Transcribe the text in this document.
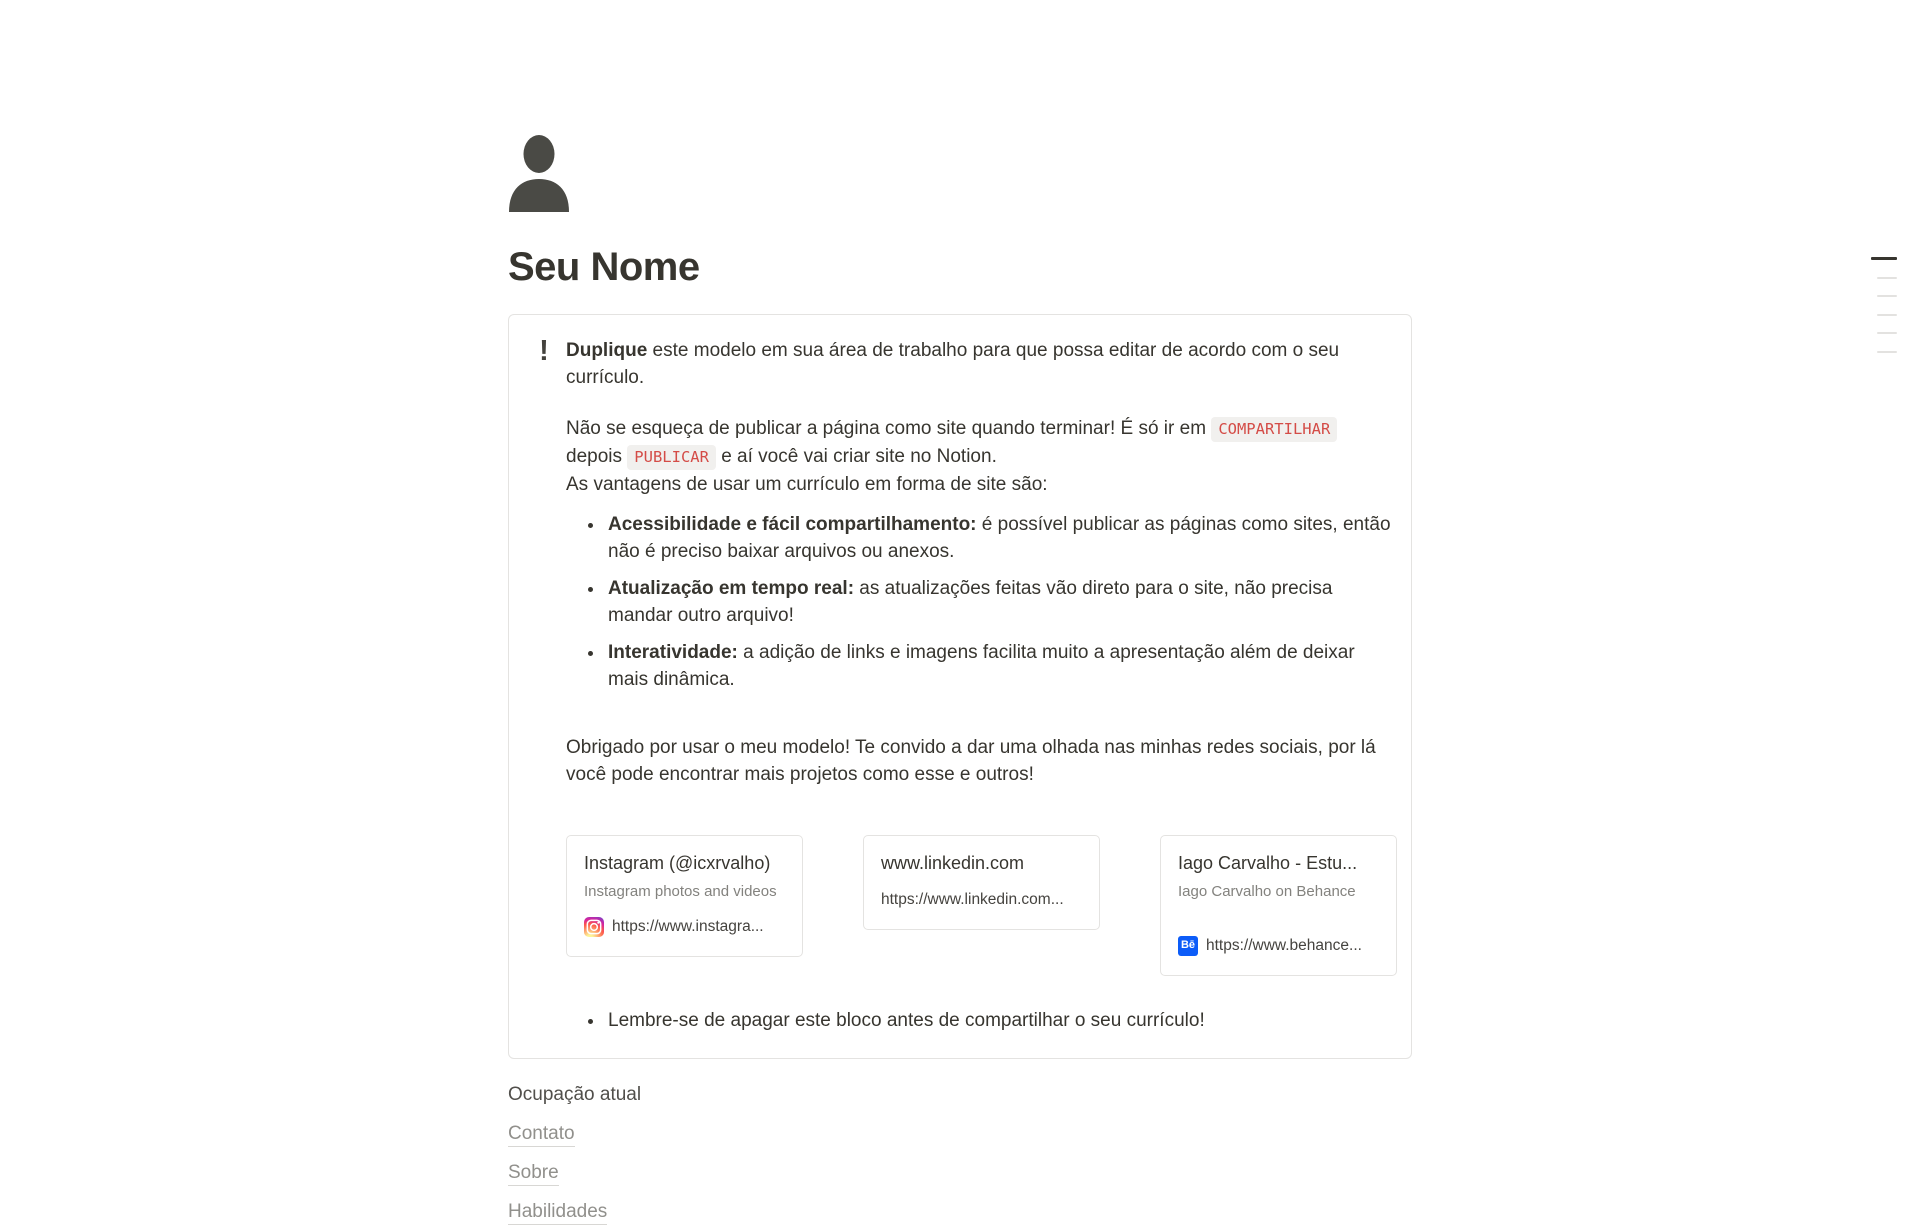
Seu Nome
! Duplique este modelo em sua área de trabalho para que possa editar de acordo com o seu currículo.

Não se esqueça de publicar a página como site quando terminar! É só ir em COMPARTILHAR depois PUBLICAR e aí você vai criar site no Notion.
As vantagens de usar um currículo em forma de site são:

• Acessibilidade e fácil compartilhamento: é possível publicar as páginas como sites, então não é preciso baixar arquivos ou anexos.
• Atualização em tempo real: as atualizações feitas vão direto para o site, não precisa mandar outro arquivo!
• Interatividade: a adição de links e imagens facilita muito a apresentação além de deixar mais dinâmica.

Obrigado por usar o meu modelo! Te convido a dar uma olhada nas minhas redes sociais, por lá você pode encontrar mais projetos como esse e outros!

Instagram (@icxrvalho)
Instagram photos and videos
https://www.instagra...
www.linkedin.com
https://www.linkedin.com...
Iago Carvalho - Estu...
Iago Carvalho on Behance
Bē https://www.behance...
• Lembre-se de apagar este bloco antes de compartilhar o seu currículo!
Ocupação atual
Contato
Sobre
Habilidades
